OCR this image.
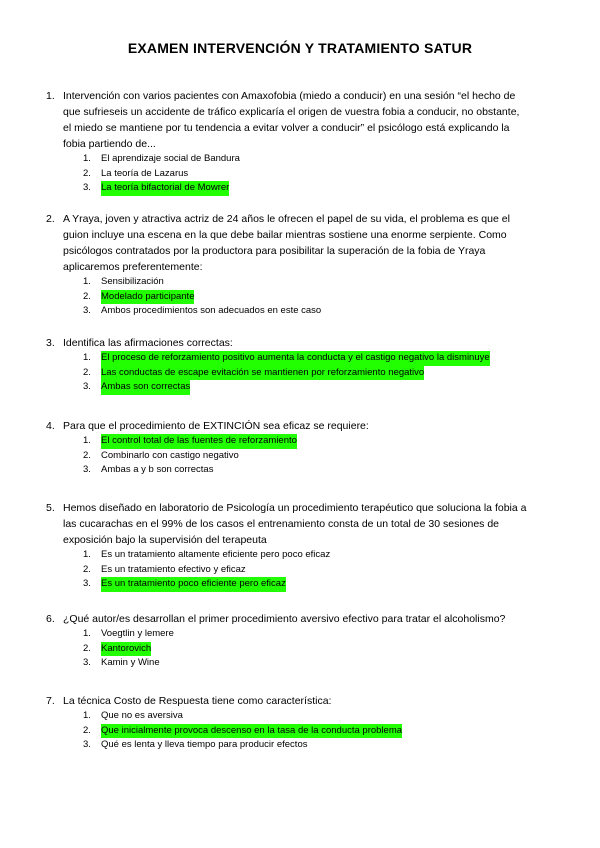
EXAMEN INTERVENCIÓN Y TRATAMIENTO SATUR
1. Intervención con varios pacientes con Amaxofobia (miedo a conducir) en una sesión “el hecho de
que sufrieseis un accidente de tráfico explicaría el origen de vuestra fobia a conducir, no obstante,
el miedo se mantiene por tu tendencia a evitar volver a conducir” el psicólogo está explicando la
fobia partiendo de...
1.	El aprendizaje social de Bandura
2.	La teoría de Lazarus
3.	La teoría bifactorial de Mowrer
2. A Yraya, joven y atractiva actriz de 24 años le ofrecen el papel de su vida, el problema es que el
guion incluye una escena en la que debe bailar mientras sostiene una enorme serpiente. Como
psicólogos contratados por la productora para posibilitar la superación de la fobia de Yraya
aplicaremos preferentemente:
1.	Sensibilización
2.	Modelado participante
3.	Ambos procedimientos son adecuados en este caso
3. Identifica las afirmaciones correctas:
1.	El proceso de reforzamiento positivo aumenta la conducta y el castigo negativo la disminuye
2.	Las conductas de escape evitación se mantienen por reforzamiento negativo
3.	Ambas son correctas
4. Para que el procedimiento de EXTINCIÓN sea eficaz se requiere:
1.	El control total de las fuentes de reforzamiento
2.	Combinarlo con castigo negativo
3.	Ambas a y b son correctas
5. Hemos diseñado en laboratorio de Psicología un procedimiento terapéutico que soluciona la fobia a
las cucarachas en el 99% de los casos el entrenamiento consta de un total de 30 sesiones de
exposición bajo la supervisión del terapeuta
1.	Es un tratamiento altamente eficiente pero poco eficaz
2.	Es un tratamiento efectivo y eficaz
3.	Es un tratamiento poco eficiente pero eficaz
6. ¿Qué autor/es desarrollan el primer procedimiento aversivo efectivo para tratar el alcoholismo?
1.	Voegtlin y lemere
2.	Kantorovich
3.	Kamin y Wine
7. La técnica Costo de Respuesta tiene como característica:
1.	Que no es aversiva
2.	Que inicialmente provoca descenso en la tasa de la conducta problema
3.	Qué es lenta y lleva tiempo para producir efectos
